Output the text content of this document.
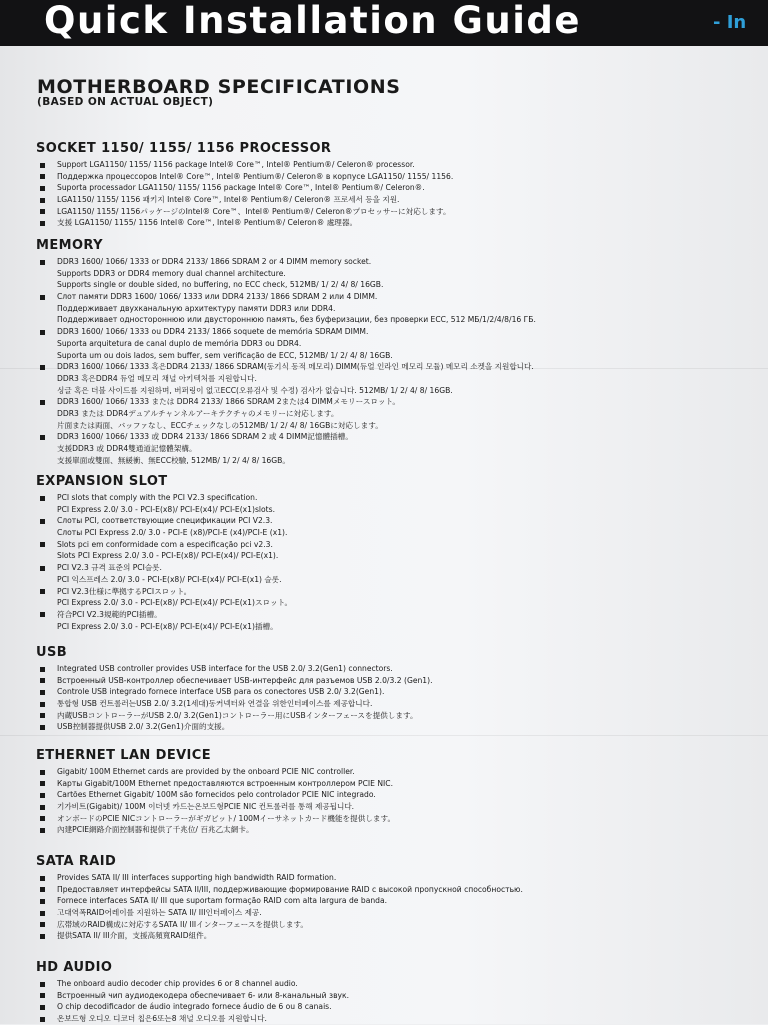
Quick Installation Guide	- In
MOTHERBOARD SPECIFICATIONS
(BASED ON ACTUAL OBJECT)
SOCKET 1150/ 1155/ 1156 PROCESSOR
Support LGA1150/ 1155/ 1156 package Intel® Core™, Intel® Pentium®/ Celeron® processor.
Поддержка процессоров Intel® Core™, Intel® Pentium®/ Celeron® в корпусе LGA1150/ 1155/ 1156.
Suporta processador LGA1150/ 1155/ 1156 package Intel® Core™, Intel® Pentium®/ Celeron®.
LGA1150/ 1155/ 1156 패키지 Intel® Core™, Intel® Pentium®/ Celeron® 프로세서 등을 지원.
LGA1150/ 1155/ 1156パッケージのIntel® Core™、Intel® Pentium®/ Celeron®プロセッサーに対応します。
支援 LGA1150/ 1155/ 1156 Intel® Core™, Intel® Pentium®/ Celeron® 處理器。
MEMORY
DDR3 1600/ 1066/ 1333 or DDR4 2133/ 1866 SDRAM 2 or 4 DIMM memory socket.
Supports DDR3 or DDR4 memory dual channel architecture.
Supports single or double sided, no buffering, no ECC check, 512MB/ 1/ 2/ 4/ 8/ 16GB.
Слот памяти DDR3 1600/ 1066/ 1333 или DDR4 2133/ 1866 SDRAM 2 или 4 DIMM.
Поддерживает двухканальную архитектуру памяти DDR3 или DDR4.
Поддерживает одностороннюю или двустороннюю память, без буферизации, без проверки ECC, 512 МБ/1/2/4/8/16 ГБ.
DDR3 1600/ 1066/ 1333 ou DDR4 2133/ 1866 soquete de memória SDRAM DIMM.
Suporta arquitetura de canal duplo de memória DDR3 ou DDR4.
Suporta um ou dois lados, sem buffer, sem verificação de ECC, 512MB/ 1/ 2/ 4/ 8/ 16GB.
DDR3 1600/ 1066/ 1333 혹은DDR4 2133/ 1866 SDRAM(동기식 동적 메모리) DIMM(듀얼 인라인 메모리 모듈) 메모리 소켓을 지원합니다.
DDR3 혹은DDR4 듀얼 메모리 채널 아키텍처를 지원합니다.
싱글 혹은 더블 사이드를 지원하며, 버퍼링이 없고ECC(오류검사 및 수정) 검사가 없습니다. 512MB/ 1/ 2/ 4/ 8/ 16GB.
DDR3 1600/ 1066/ 1333 または DDR4 2133/ 1866 SDRAM 2または4 DIMMメモリースロット。
DDR3 または DDR4デュアルチャンネルアーキテクチャのメモリーに対応します。
片面または両面、バッファなし、ECCチェックなしの512MB/ 1/ 2/ 4/ 8/ 16GBに対応します。
DDR3 1600/ 1066/ 1333 或 DDR4 2133/ 1866 SDRAM 2 或 4 DIMM記憶體插槽。
支援DDR3 或 DDR4雙通道記憶體架構。
支援單面或雙面、無緩衝、無ECC校驗, 512MB/ 1/ 2/ 4/ 8/ 16GB。
EXPANSION SLOT
PCI slots that comply with the PCI V2.3 specification.
PCI Express 2.0/ 3.0 - PCI-E(x8)/ PCI-E(x4)/ PCI-E(x1)slots.
Слоты PCI, соответствующие спецификации PCI V2.3.
Слоты PCI Express 2.0/ 3.0 - PCI-E (x8)/PCI-E (x4)/PCI-E (x1).
Slots pci em conformidade com a especificação pci v2.3.
Slots PCI Express 2.0/ 3.0 - PCI-E(x8)/ PCI-E(x4)/ PCI-E(x1).
PCI V2.3 규격 표준의 PCI슬롯.
PCI 익스프레스 2.0/ 3.0 - PCI-E(x8)/ PCI-E(x4)/ PCI-E(x1) 슬롯.
PCI V2.3仕様に準拠するPCIスロット。
PCI Express 2.0/ 3.0 - PCI-E(x8)/ PCI-E(x4)/ PCI-E(x1)スロット。
符合PCI V2.3規範的PCI插槽。
PCI Express 2.0/ 3.0 - PCI-E(x8)/ PCI-E(x4)/ PCI-E(x1)插槽。
USB
Integrated USB controller provides USB interface for the USB 2.0/ 3.2(Gen1) connectors.
Встроенный USB-контроллер обеспечивает USB-интерфейс для разъемов USB 2.0/3.2 (Gen1).
Controle USB integrado fornece interface USB para os conectores USB 2.0/ 3.2(Gen1).
통합형 USB 컨트롤러는USB 2.0/ 3.2(1세대)동커넥터와 연결을 위한인터페이스를 제공합니다.
内蔵USBコントローラーがUSB 2.0/ 3.2(Gen1)コントローラー用にUSBインターフェースを提供します。
USB控制器提供USB 2.0/ 3.2(Gen1)介面的支援。
ETHERNET LAN DEVICE
Gigabit/ 100M Ethernet cards are provided by the onboard PCIE NIC controller.
Карты Gigabit/100M Ethernet предоставляются встроенным контроллером PCIE NIC.
Cartões Ethernet Gigabit/ 100M são fornecidos pelo controlador PCIE NIC integrado.
기가비트(Gigabit)/ 100M 이더넷 카드는온보드형PCIE NIC 컨트롤러를 통해 제공됩니다.
オンボードのPCIE NICコントローラーがギガビット/ 100Mイーサネットカード機能を提供します。
內建PCIE網路介面控制器和提供了千兆位/ 百兆乙太網卡。
SATA RAID
Provides SATA II/ III interfaces supporting high bandwidth RAID formation.
Предоставляет интерфейсы SATA II/III, поддерживающие формирование RAID с высокой пропускной способностью.
Fornece interfaces SATA II/ III que suportam formação RAID com alta largura de banda.
고대역폭RAID어레이를 지원하는 SATA II/ III인터페이스 제공.
広帯域のRAID構成に対応するSATA II/ IIIインターフェースを提供します。
提供SATA II/ III介面，支援高頻寬RAID組件。
HD AUDIO
The onboard audio decoder chip provides 6 or 8 channel audio.
Встроенный чип аудиодекодера обеспечивает 6- или 8-канальный звук.
O chip decodificador de áudio integrado fornece áudio de 6 ou 8 canais.
온보드형 오디오 디코더 칩은6또는8 채널 오디오를 지원합니다.
